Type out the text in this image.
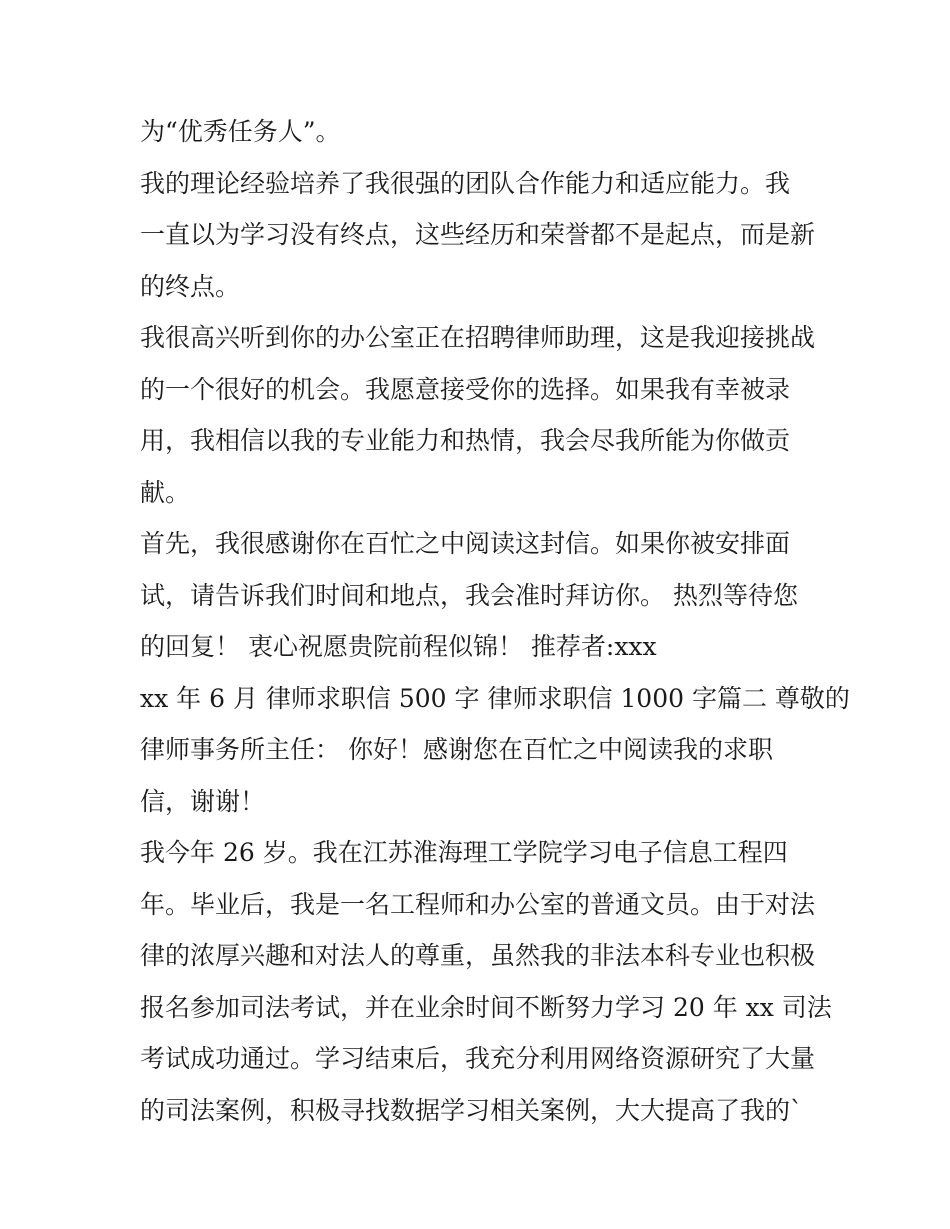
为“优秀任务人”。
我的理论经验培养了我很强的团队合作能力和适应能力。我
一直以为学习没有终点，这些经历和荣誉都不是起点，而是新
的终点。
我很高兴听到你的办公室正在招聘律师助理，这是我迎接挑战
的一个很好的机会。我愿意接受你的选择。如果我有幸被录
用，我相信以我的专业能力和热情，我会尽我所能为你做贡
献。
首先，我很感谢你在百忙之中阅读这封信。如果你被安排面
试，请告诉我们时间和地点，我会准时拜访你。 热烈等待您
的回复！ 衷心祝愿贵院前程似锦！ 推荐者:xxx
xx 年 6 月 律师求职信 500 字 律师求职信 1000 字篇二 尊敬的
律师事务所主任： 你好！感谢您在百忙之中阅读我的求职
信，谢谢！
我今年 26 岁。我在江苏淮海理工学院学习电子信息工程四
年。毕业后，我是一名工程师和办公室的普通文员。由于对法
律的浓厚兴趣和对法人的尊重，虽然我的非法本科专业也积极
报名参加司法考试，并在业余时间不断努力学习 20 年 xx 司法
考试成功通过。学习结束后，我充分利用网络资源研究了大量
的司法案例，积极寻找数据学习相关案例，大大提高了我的`
